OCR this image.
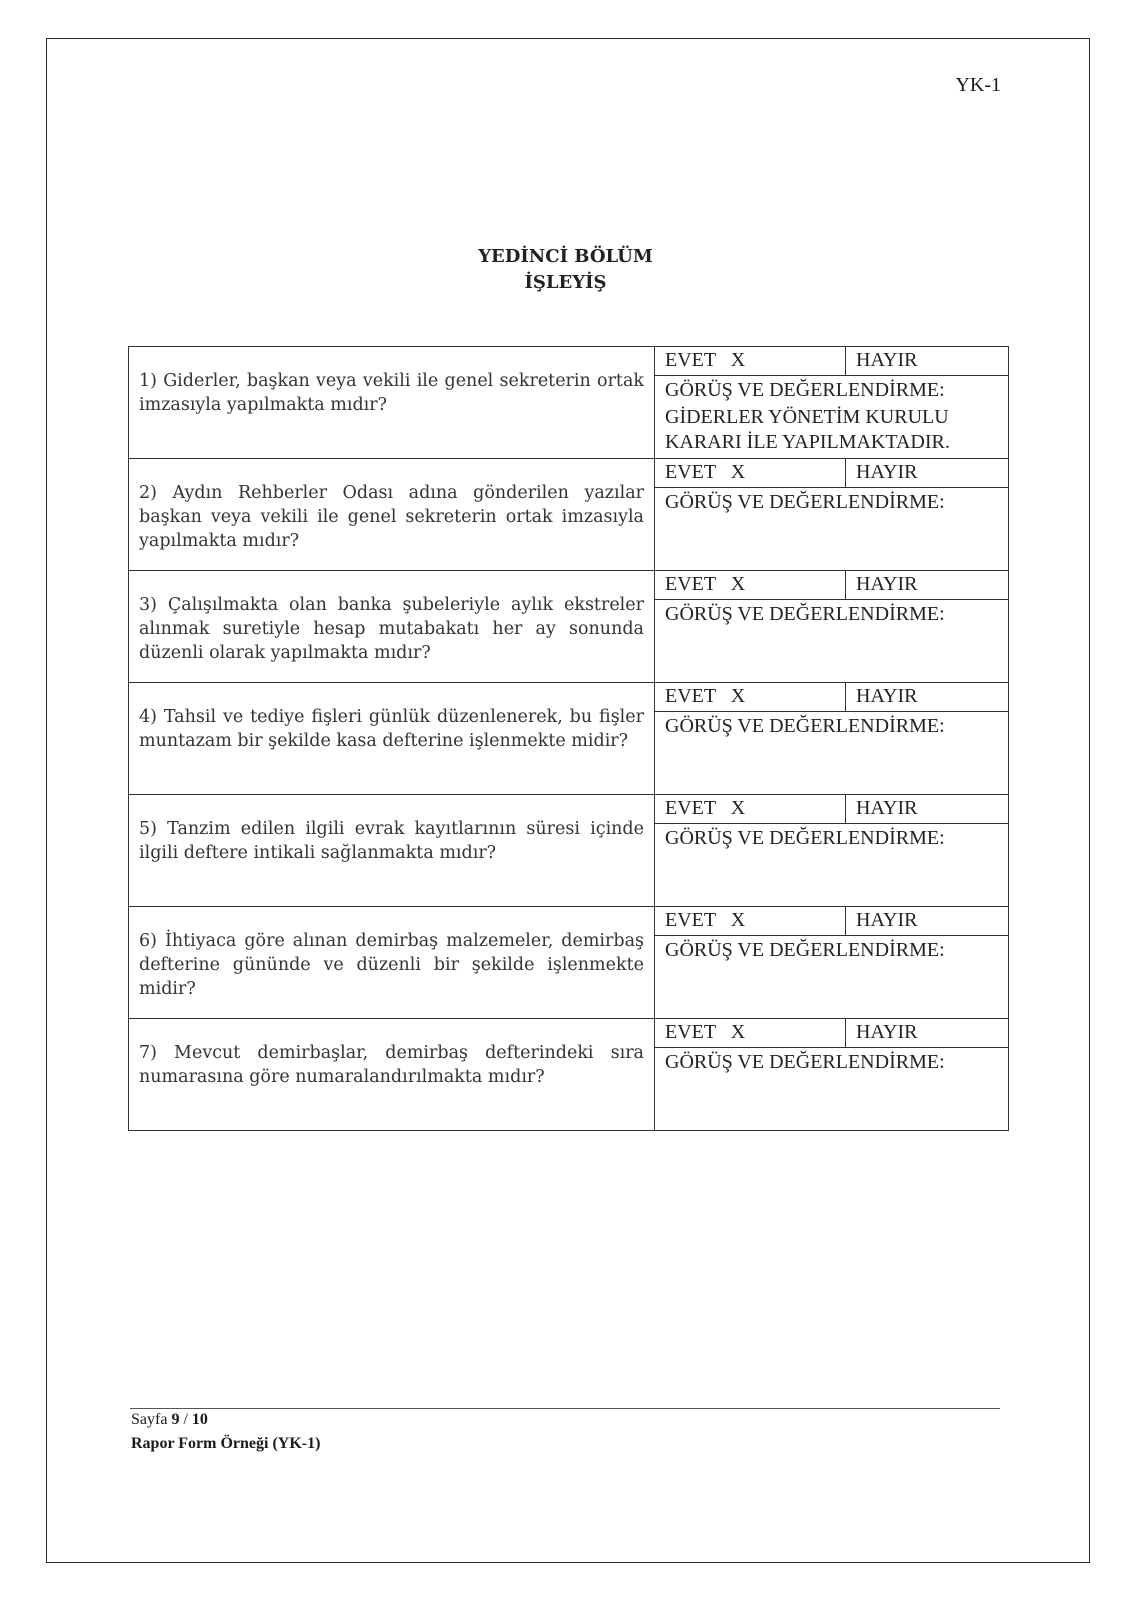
YK-1
YEDİNCİ BÖLÜM
İŞLEYİŞ
1) Giderler, başkan veya vekili ile genel sekreterin ortak imzasıyla yapılmakta mıdır?	EVET   X HAYIR
GÖRÜŞ VE DEĞERLENDİRME:
GİDERLER YÖNETİM KURULU
KARARI İLE YAPILMAKTADIR.

2) Aydın Rehberler Odası adına gönderilen yazılar başkan veya vekili ile genel sekreterin ortak imzasıyla yapılmakta mıdır?	EVET   X HAYIR
GÖRÜŞ VE DEĞERLENDİRME:

3) Çalışılmakta olan banka şubeleriyle aylık ekstreler alınmak suretiyle hesap mutabakatı her ay sonunda düzenli olarak yapılmakta mıdır?	EVET   X HAYIR
GÖRÜŞ VE DEĞERLENDİRME:

4) Tahsil ve tediye fişleri günlük düzenlenerek, bu fişler muntazam bir şekilde kasa defterine işlenmekte midir?	EVET   X HAYIR
GÖRÜŞ VE DEĞERLENDİRME:

5) Tanzim edilen ilgili evrak kayıtlarının süresi içinde ilgili deftere intikali sağlanmakta mıdır?	EVET   X HAYIR
GÖRÜŞ VE DEĞERLENDİRME:

6) İhtiyaca göre alınan demirbaş malzemeler, demirbaş defterine gününde ve düzenli bir şekilde işlenmekte midir?	EVET   X HAYIR
GÖRÜŞ VE DEĞERLENDİRME:

7) Mevcut demirbaşlar, demirbaş defterindeki sıra numarasına göre numaralandırılmakta mıdır?	EVET   X HAYIR
GÖRÜŞ VE DEĞERLENDİRME:
Sayfa 9 / 10
Rapor Form Örneği (YK-1)
